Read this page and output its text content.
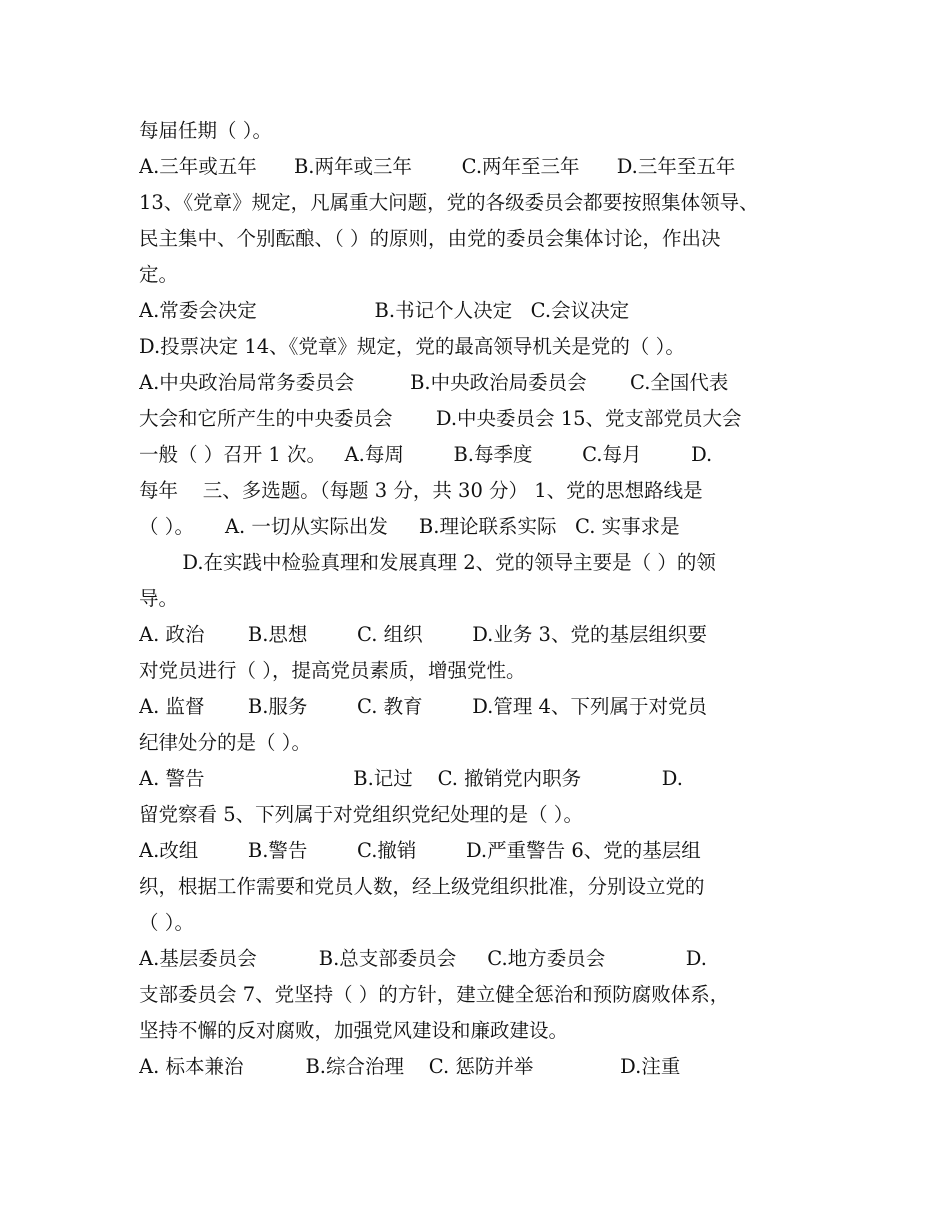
每届任期（ ）。
A.三年或五年      B.两年或三年        C.两年至三年      D.三年至五年
13、《党章》规定，凡属重大问题，党的各级委员会都要按照集体领导、
民主集中、个别酝酿、（ ）的原则，由党的委员会集体讨论，作出决
定。
A.常委会决定                   B.书记个人决定   C.会议决定
D.投票决定 14、《党章》规定，党的最高领导机关是党的（ ）。
A.中央政治局常务委员会         B.中央政治局委员会       C.全国代表
大会和它所产生的中央委员会       D.中央委员会 15、党支部党员大会
一般（ ）召开 1 次。   A.每周        B.每季度        C.每月        D.
每年    三、多选题。（每题 3 分，共 30 分） 1、党的思想路线是
（ ）。     A. 一切从实际出发     B.理论联系实际   C. 实事求是
D.在实践中检验真理和发展真理 2、党的领导主要是（ ）的领
导。
A. 政治       B.思想        C. 组织        D.业务 3、党的基层组织要
对党员进行（ ），提高党员素质，增强党性。
A. 监督       B.服务        C. 教育        D.管理 4、下列属于对党员
纪律处分的是（ ）。
A. 警告                        B.记过    C. 撤销党内职务             D.
留党察看 5、下列属于对党组织党纪处理的是（ ）。
A.改组        B.警告        C.撤销        D.严重警告 6、党的基层组
织，根据工作需要和党员人数，经上级党组织批准，分别设立党的
（ ）。
A.基层委员会          B.总支部委员会     C.地方委员会             D.
支部委员会 7、党坚持（ ）的方针，建立健全惩治和预防腐败体系，
坚持不懈的反对腐败，加强党风建设和廉政建设。
A. 标本兼治          B.综合治理    C. 惩防并举              D.注重
